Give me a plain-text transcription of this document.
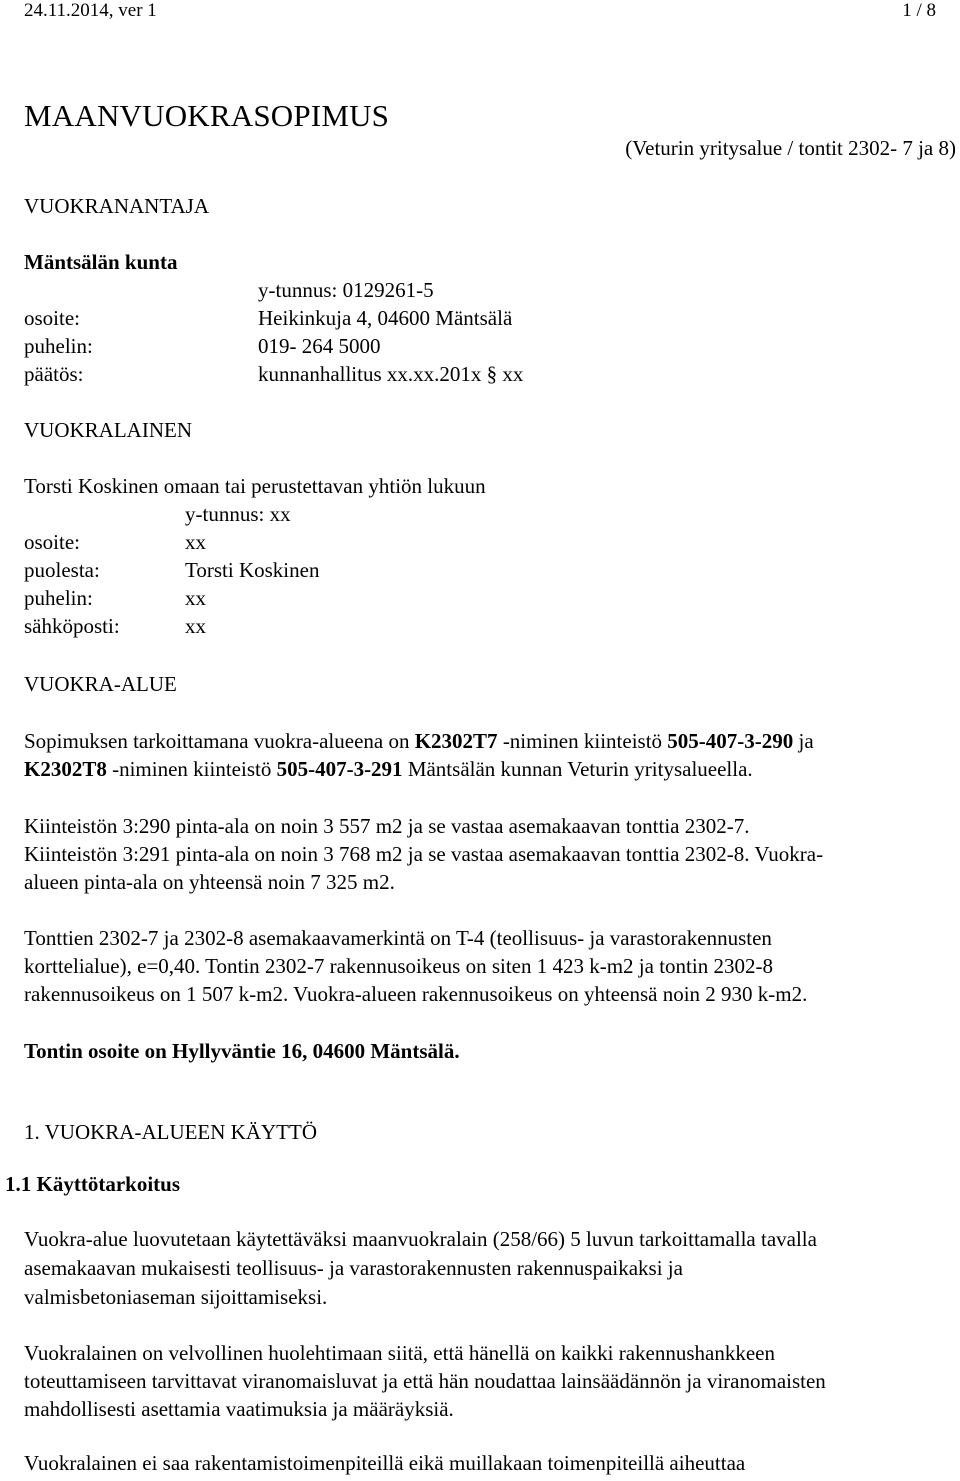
24.11.2014, ver 1	1 / 8
MAANVUOKRASOPIMUS
(Veturin yritysalue / tontit 2302- 7 ja 8)
VUOKRANANTAJA
Mäntsälän kunta
y-tunnus: 0129261-5
osoite:	Heikinkuja 4, 04600 Mäntsälä
puhelin:	019- 264 5000
päätös:	kunnanhallitus xx.xx.201x § xx
VUOKRALAINEN
Torsti Koskinen omaan tai perustettavan yhtiön lukuun
y-tunnus: xx
osoite:	xx
puolesta:	Torsti Koskinen
puhelin:	xx
sähköposti:	xx
VUOKRA-ALUE
Sopimuksen tarkoittamana vuokra-alueena on K2302T7 -niminen kiinteistö 505-407-3-290 ja
K2302T8 -niminen kiinteistö 505-407-3-291 Mäntsälän kunnan Veturin yritysalueella.
Kiinteistön 3:290 pinta-ala on noin 3 557 m2 ja se vastaa asemakaavan tonttia 2302-7.
Kiinteistön 3:291 pinta-ala on noin 3 768 m2 ja se vastaa asemakaavan tonttia 2302-8. Vuokra-
alueen pinta-ala on yhteensä noin 7 325 m2.
Tonttien 2302-7 ja 2302-8 asemakaavamerkintä on T-4 (teollisuus- ja varastorakennusten
korttelialue), e=0,40. Tontin 2302-7 rakennusoikeus on siten 1 423 k-m2 ja tontin 2302-8
rakennusoikeus on 1 507 k-m2. Vuokra-alueen rakennusoikeus on yhteensä noin 2 930 k-m2.
Tontin osoite on Hyllyväntie 16, 04600 Mäntsälä.
1. VUOKRA-ALUEEN KÄYTTÖ
1.1 Käyttötarkoitus
Vuokra-alue luovutetaan käytettäväksi maanvuokralain (258/66) 5 luvun tarkoittamalla tavalla
asemakaavan mukaisesti teollisuus- ja varastorakennusten rakennuspaikaksi ja
valmisbetoniaseman sijoittamiseksi.
Vuokralainen on velvollinen huolehtimaan siitä, että hänellä on kaikki rakennushankkeen
toteuttamiseen tarvittavat viranomaisluvat ja että hän noudattaa lainsäädännön ja viranomaisten
mahdollisesti asettamia vaatimuksia ja määräyksiä.
Vuokralainen ei saa rakentamistoimenpiteillä eikä muillakaan toimenpiteillä aiheuttaa
